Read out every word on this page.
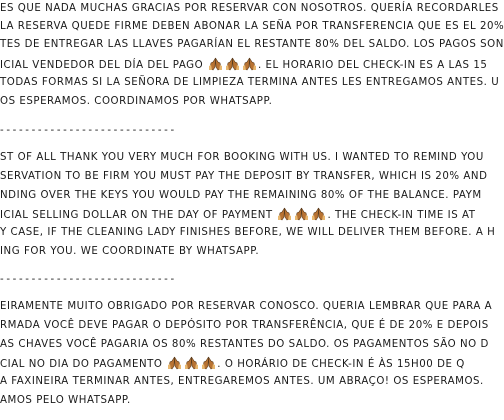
ES QUE NADA MUCHAS GRACIAS POR RESERVAR CON NOSOTROS. QUERÍA RECORDARLES
LA RESERVA QUEDE FIRME DEBEN ABONAR LA SEÑA POR TRANSFERENCIA QUE ES EL 20%
TES DE ENTREGAR LAS LLAVES PAGARÍAN EL RESTANTE 80% DEL SALDO. LOS PAGOS SON
ICIAL VENDEDOR DEL DÍA DEL PAGO	. EL HORARIO DEL CHECK-IN ES A LAS 15
TODAS FORMAS SI LA SEÑORA DE LIMPIEZA TERMINA ANTES LES ENTREGAMOS ANTES. U
OS ESPERAMOS. COORDINAMOS POR WHATSAPP.
- - - - - - - - - - - - - - - - - - - - - - - - - - - -
ST OF ALL THANK YOU VERY MUCH FOR BOOKING WITH US. I WANTED TO REMIND YOU
SERVATION TO BE FIRM YOU MUST PAY THE DEPOSIT BY TRANSFER, WHICH IS 20% AND
NDING OVER THE KEYS YOU WOULD PAY THE REMAINING 80% OF THE BALANCE. PAYM
ICIAL SELLING DOLLAR ON THE DAY OF PAYMENT	. THE CHECK-IN TIME IS AT
Y CASE, IF THE CLEANING LADY FINISHES BEFORE, WE WILL DELIVER THEM BEFORE. A H
ING FOR YOU. WE COORDINATE BY WHATSAPP.
- - - - - - - - - - - - - - - - - - - - - - - - - - - -
EIRAMENTE MUITO OBRIGADO POR RESERVAR CONOSCO. QUERIA LEMBRAR QUE PARA A
RMADA VOCÊ DEVE PAGAR O DEPÓSITO POR TRANSFERÊNCIA, QUE É DE 20% E DEPOIS
AS CHAVES VOCÊ PAGARIA OS 80% RESTANTES DO SALDO. OS PAGAMENTOS SÃO NO D
CIAL NO DIA DO PAGAMENTO	. O HORÁRIO DE CHECK-IN É ÀS 15H00 DE Q
A FAXINEIRA TERMINAR ANTES, ENTREGAREMOS ANTES. UM ABRAÇO! OS ESPERAMOS.
AMOS PELO WHATSAPP.
